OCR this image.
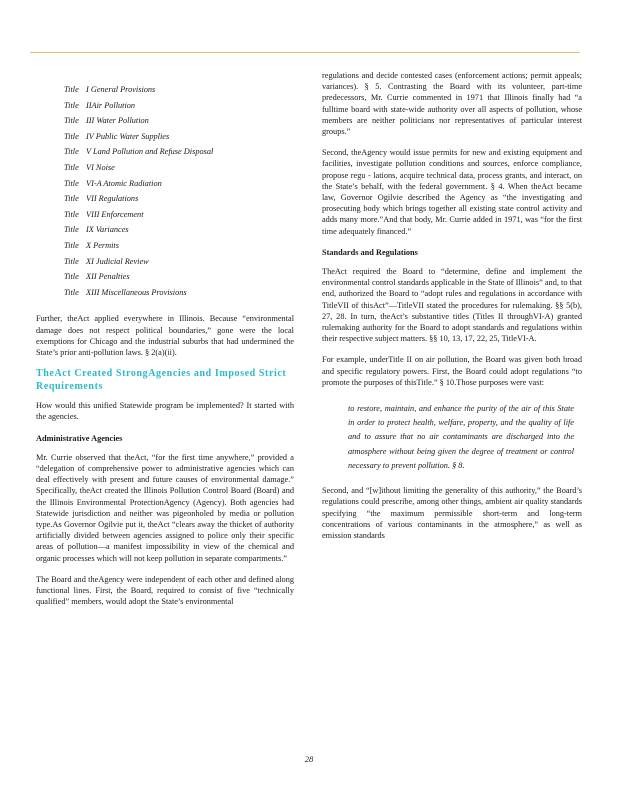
Title I General Provisions
Title IIAir Pollution
Title III Water Pollution
Title IV Public Water Supplies
Title V Land Pollution and Refuse Disposal
Title VI Noise
Title VI-A Atomic Radiation
Title VII Regulations
Title VIII Enforcement
Title IX Variances
Title X Permits
Title XI Judicial Review
Title XII Penalties
Title XIII Miscellaneous Provisions

Further, theAct applied everywhere in Illinois. Because “environmental damage does not respect political boundaries,” gone were the local exemptions for Chicago and the industrial suburbs that had undermined the State’s prior anti-pollution laws. § 2(a)(ii).

TheAct Created StrongAgencies and Imposed Strict Requirements

How would this unified Statewide program be implemented? It started with the agencies.

Administrative Agencies

Mr. Currie observed that theAct, “for the first time anywhere,” provided a “delegation of comprehensive power to administrative agencies which can deal effectively with present and future causes of environmental damage.” Specifically, theAct created the Illinois Pollution Control Board (Board) and the Illinois Environmental ProtectionAgency (Agency). Both agencies had Statewide jurisdiction and neither was pigeonholed by media or pollution type.As Governor Ogilvie put it, theAct “clears away the thicket of authority artificially divided between agencies assigned to police only their specific areas of pollution—a manifest impossibility in view of the chemical and organic processes which will not keep pollution in separate compartments.”

The Board and theAgency were independent of each other and defined along functional lines. First, the Board, required to consist of five “technically qualified” members, would adopt the State’s environmental

regulations and decide contested cases (enforcement actions; permit appeals; variances). § 5. Contrasting the Board with its volunteer, part-time predecessors, Mr. Currie commented in 1971 that Illinois finally had “a fulltime board with state-wide authority over all aspects of pollution, whose members are neither politicians nor representatives of particular interest groups.”

Second, theAgency would issue permits for new and existing equipment and facilities, investigate pollution conditions and sources, enforce compliance, propose regu - lations, acquire technical data, process grants, and interact, on the State’s behalf, with the federal government. § 4. When theAct became law, Governor Ogilvie described the Agency as “the investigating and prosecuting body which brings together all existing state control activity and adds many more.”And that body, Mr. Currie added in 1971, was “for the first time adequately financed.”

Standards and Regulations

TheAct required the Board to “determine, define and implement the environmental control standards applicable in the State of Illinois” and, to that end, authorized the Board to “adopt rules and regulations in accordance with TitleVII of thisAct”—TitleVII stated the procedures for rulemaking. §§ 5(b), 27, 28. In turn, theAct’s substantive titles (Titles II throughVI-A) granted rulemaking authority for the Board to adopt standards and regulations within their respective subject matters. §§ 10, 13, 17, 22, 25, TitleVI-A.

For example, underTitle II on air pollution, the Board was given both broad and specific regulatory powers. First, the Board could adopt regulations “to promote the purposes of thisTitle.” § 10.Those purposes were vast:

to restore, maintain, and enhance the purity of the air of this State in order to protect health, welfare, property, and the quality of life and to assure that no air contaminants are discharged into the atmosphere without being given the degree of treatment or control necessary to prevent pollution. § 8.

Second, and “[w]ithout limiting the generality of this authority,” the Board’s regulations could prescribe, among other things, ambient air quality standards specifying “the maximum permissible short-term and long-term concentrations of various contaminants in the atmosphere,” as well as emission standards

28
